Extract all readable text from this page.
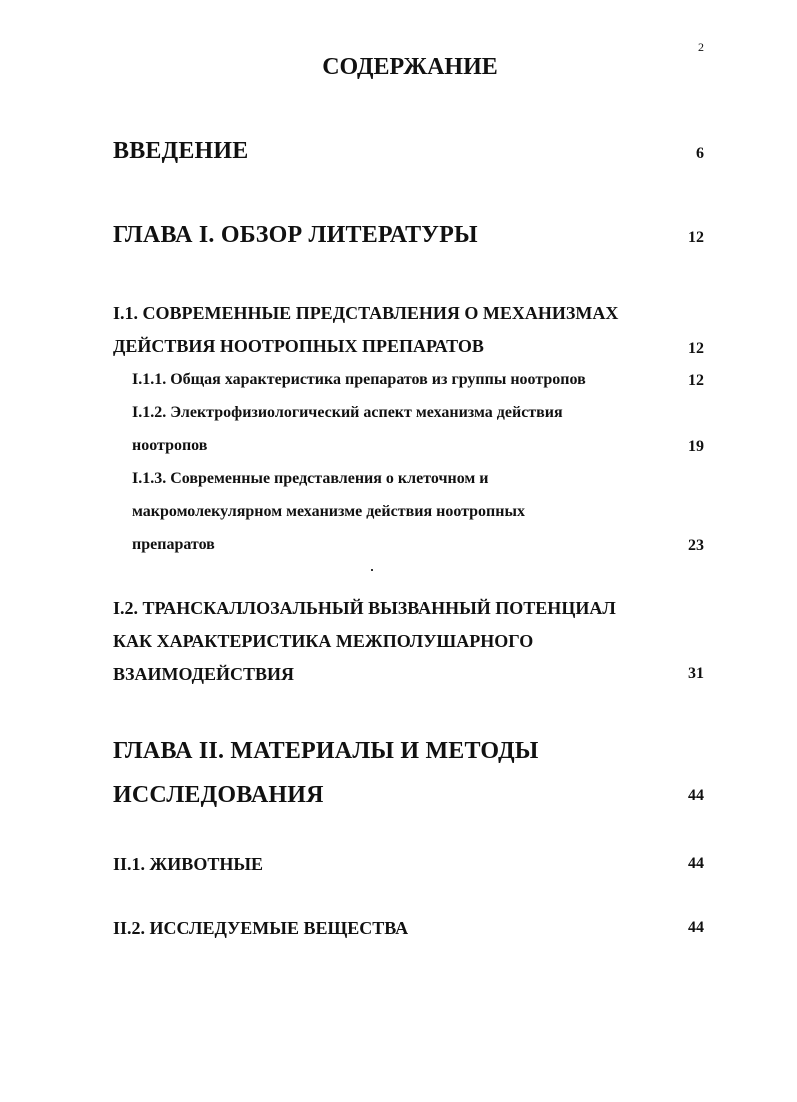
2
СОДЕРЖАНИЕ
ВВЕДЕНИЕ	6
ГЛАВА I. ОБЗОР ЛИТЕРАТУРЫ	12
I.1. СОВРЕМЕННЫЕ ПРЕДСТАВЛЕНИЯ О МЕХАНИЗМАХ
ДЕЙСТВИЯ НООТРОПНЫХ ПРЕПАРАТОВ	12
I.1.1. Общая характеристика препаратов из группы ноотропов	12
I.1.2. Электрофизиологический аспект механизма действия
ноотропов	19
I.1.3. Современные представления о клеточном и
макромолекулярном механизме действия ноотропных
препаратов	23
I.2. ТРАНСКАЛЛОЗАЛЬНЫЙ ВЫЗВАННЫЙ ПОТЕНЦИАЛ
КАК ХАРАКТЕРИСТИКА МЕЖПОЛУШАРНОГО
ВЗАИМОДЕЙСТВИЯ	31
ГЛАВА II. МАТЕРИАЛЫ И МЕТОДЫ
ИССЛЕДОВАНИЯ	44
II.1. ЖИВОТНЫЕ	44
II.2. ИССЛЕДУЕМЫЕ ВЕЩЕСТВА	44
